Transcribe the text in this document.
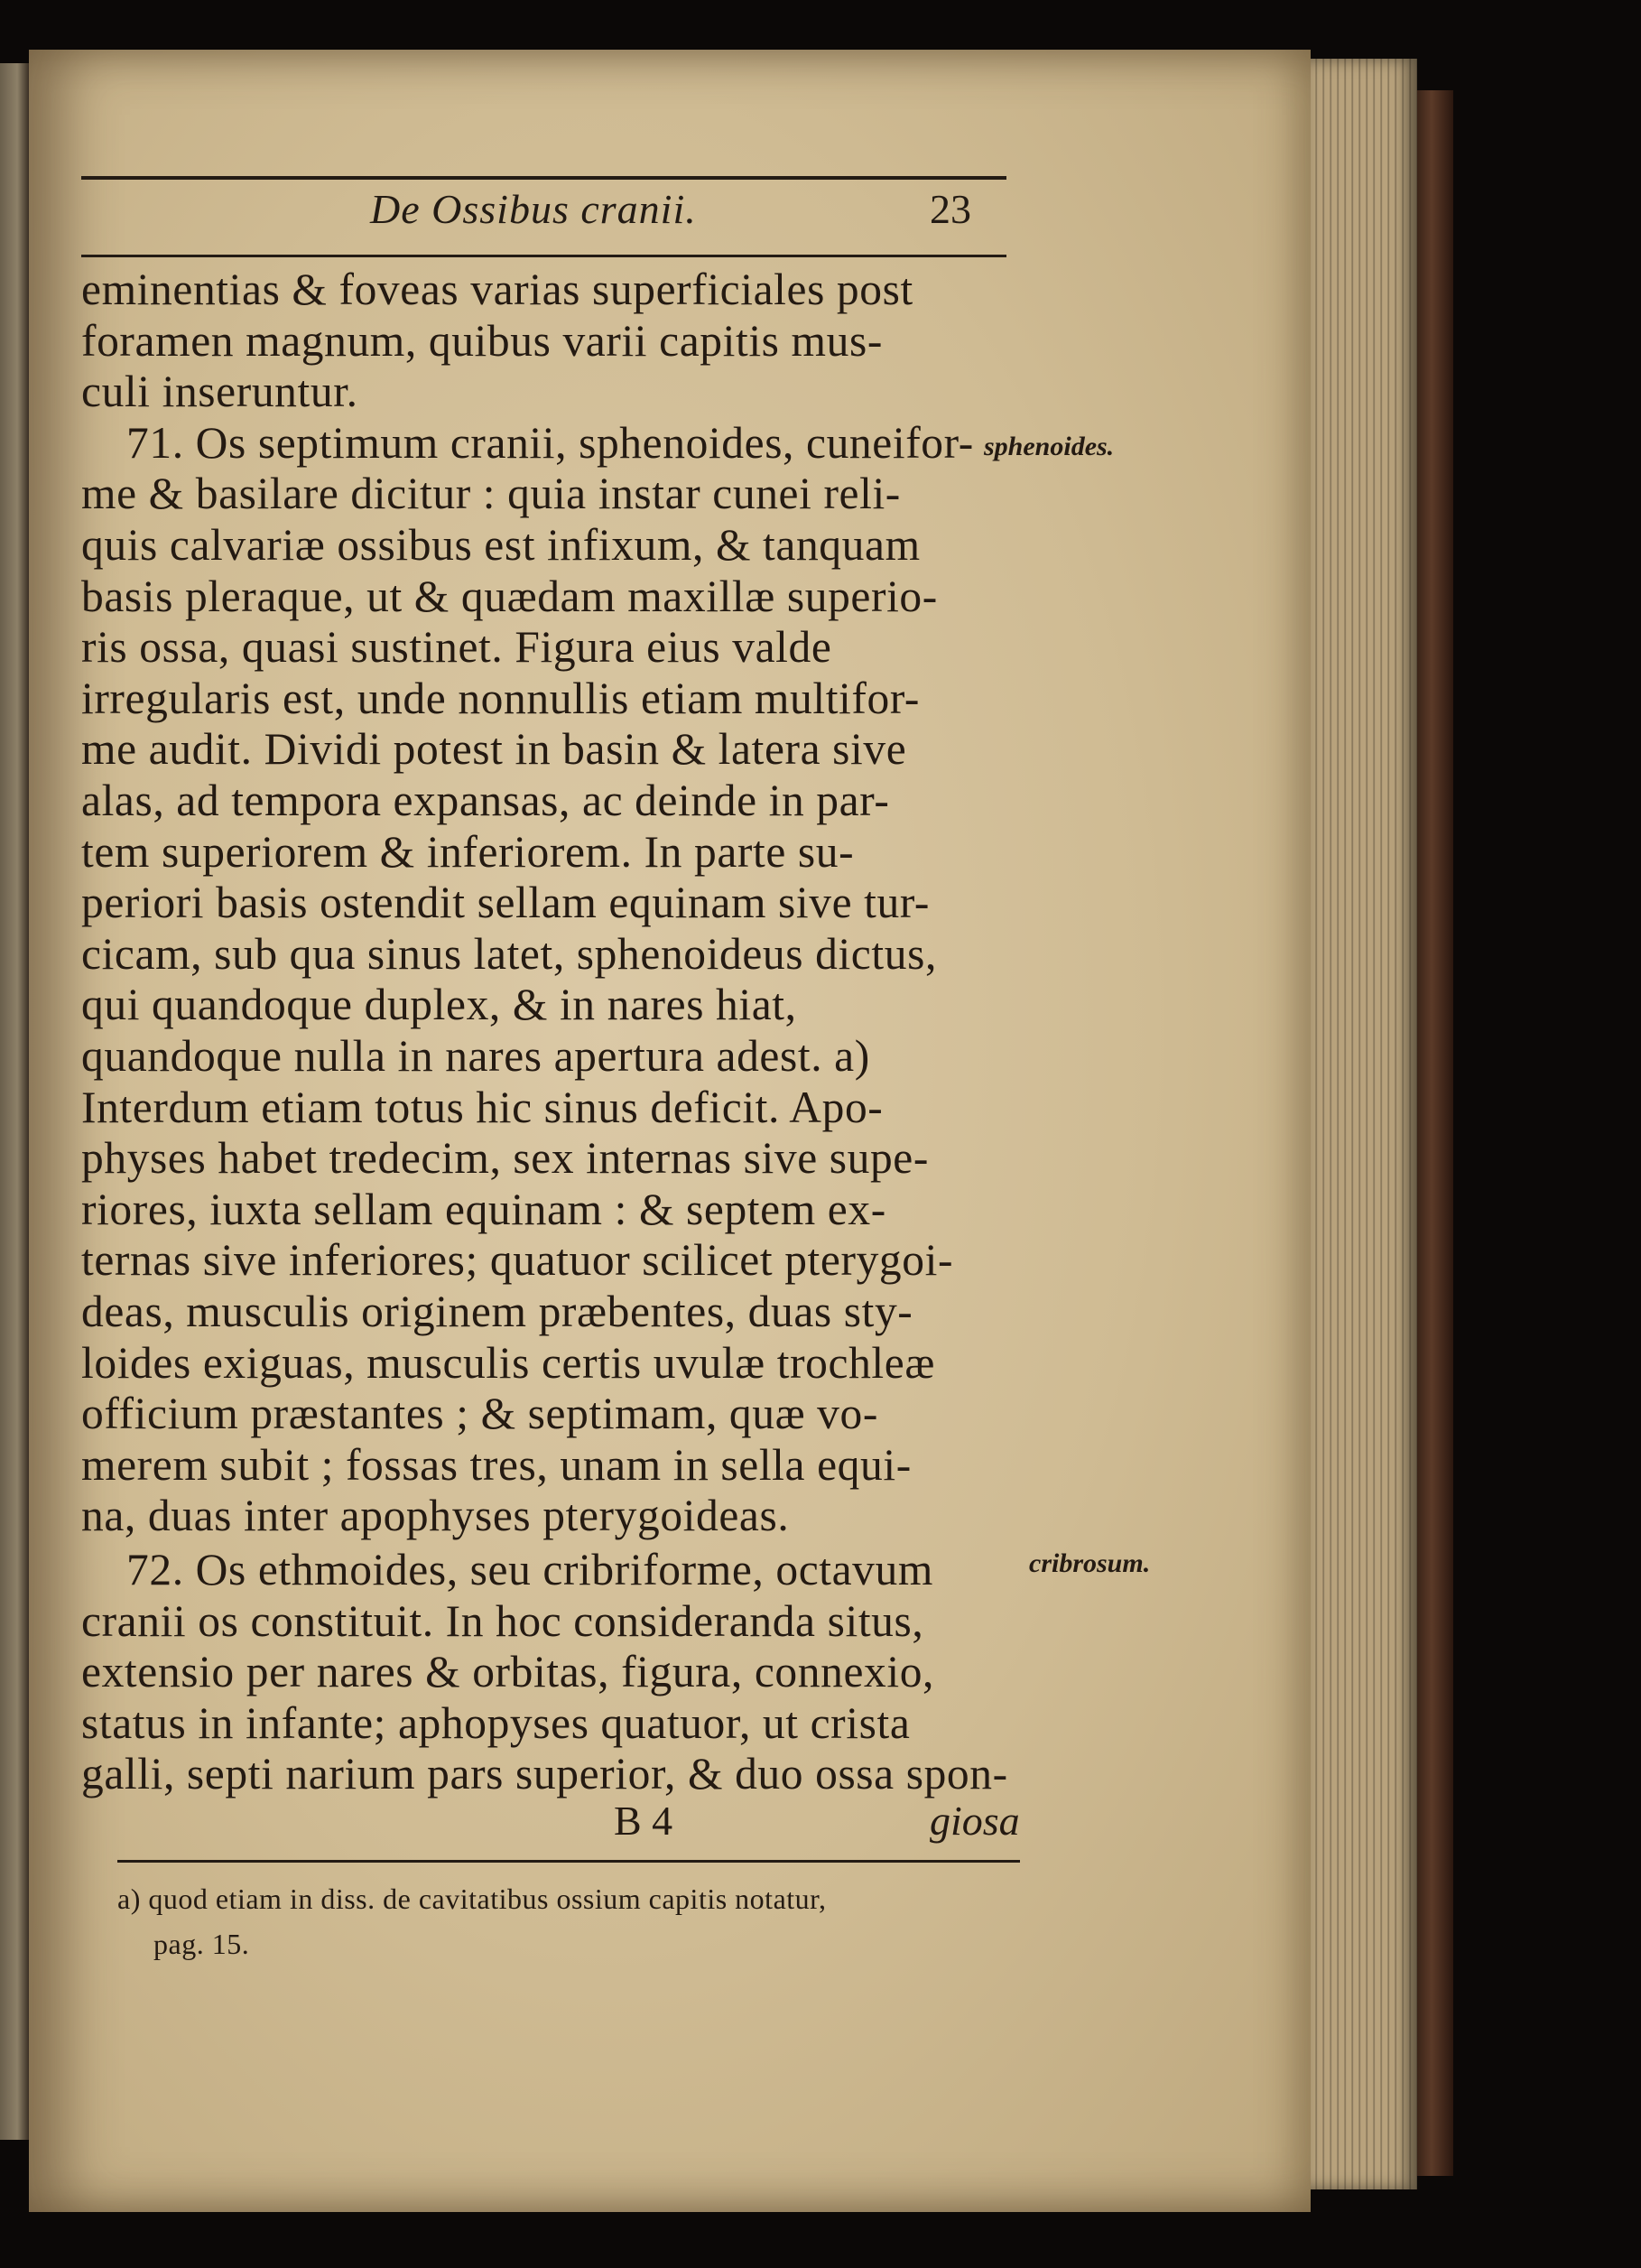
De Ossibus cranii.	23
eminentias & foveas varias superficiales post
foramen magnum, quibus varii capitis mus-
culi inseruntur.
71. Os septimum cranii, sphenoides, cuneifor-
me & basilare dicitur : quia instar cunei reli-
quis calvariæ ossibus est infixum, & tanquam
basis pleraque, ut & quædam maxillæ superio-
ris ossa, quasi sustinet. Figura eius valde
irregularis est, unde nonnullis etiam multifor-
me audit. Dividi potest in basin & latera sive
alas, ad tempora expansas, ac deinde in par-
tem superiorem & inferiorem. In parte su-
periori basis ostendit sellam equinam sive tur-
cicam, sub qua sinus latet, sphenoideus dictus,
qui quandoque duplex, & in nares hiat,
quandoque nulla in nares apertura adest. a)
Interdum etiam totus hic sinus deficit. Apo-
physes habet tredecim, sex internas sive supe-
riores, iuxta sellam equinam : & septem ex-
ternas sive inferiores; quatuor scilicet pterygoi-
deas, musculis originem præbentes, duas sty-
loides exiguas, musculis certis uvulæ trochleæ
officium præstantes ; & septimam, quæ vo-
merem subit ; fossas tres, unam in sella equi-
na, duas inter apophyses pterygoideas.
72. Os ethmoides, seu cribriforme, octavum
cranii os constituit. In hoc consideranda situs,
extensio per nares & orbitas, figura, connexio,
status in infante; aphopyses quatuor, ut crista
galli, septi narium pars superior, & duo ossa spon-
sphenoides.
cribrosum.
B 4	giosa
a) quod etiam in diss. de cavitatibus ossium capitis notatur,
pag. 15.
